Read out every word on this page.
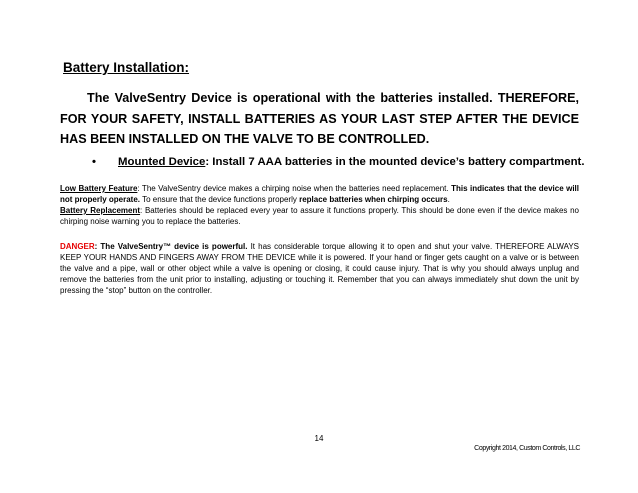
Battery Installation:

The ValveSentry Device is operational with the batteries installed. THEREFORE, FOR YOUR SAFETY, INSTALL BATTERIES AS YOUR LAST STEP AFTER THE DEVICE HAS BEEN INSTALLED ON THE VALVE TO BE CONTROLLED.

• Mounted Device: Install 7 AAA batteries in the mounted device’s battery compartment.

Low Battery Feature: The ValveSentry device makes a chirping noise when the batteries need replacement. This indicates that the device will not properly operate. To ensure that the device functions properly replace batteries when chirping occurs.

Battery Replacement: Batteries should be replaced every year to assure it functions properly. This should be done even if the device makes no chirping noise warning you to replace the batteries.

DANGER: The ValveSentry™ device is powerful. It has considerable torque allowing it to open and shut your valve. THEREFORE ALWAYS KEEP YOUR HANDS AND FINGERS AWAY FROM THE DEVICE while it is powered. If your hand or finger gets caught on a valve or is between the valve and a pipe, wall or other object while a valve is opening or closing, it could cause injury. That is why you should always unplug and remove the batteries from the unit prior to installing, adjusting or touching it. Remember that you can always immediately shut down the unit by pressing the “stop” button on the controller.

14
Copyright 2014, Custom Controls, LLC
